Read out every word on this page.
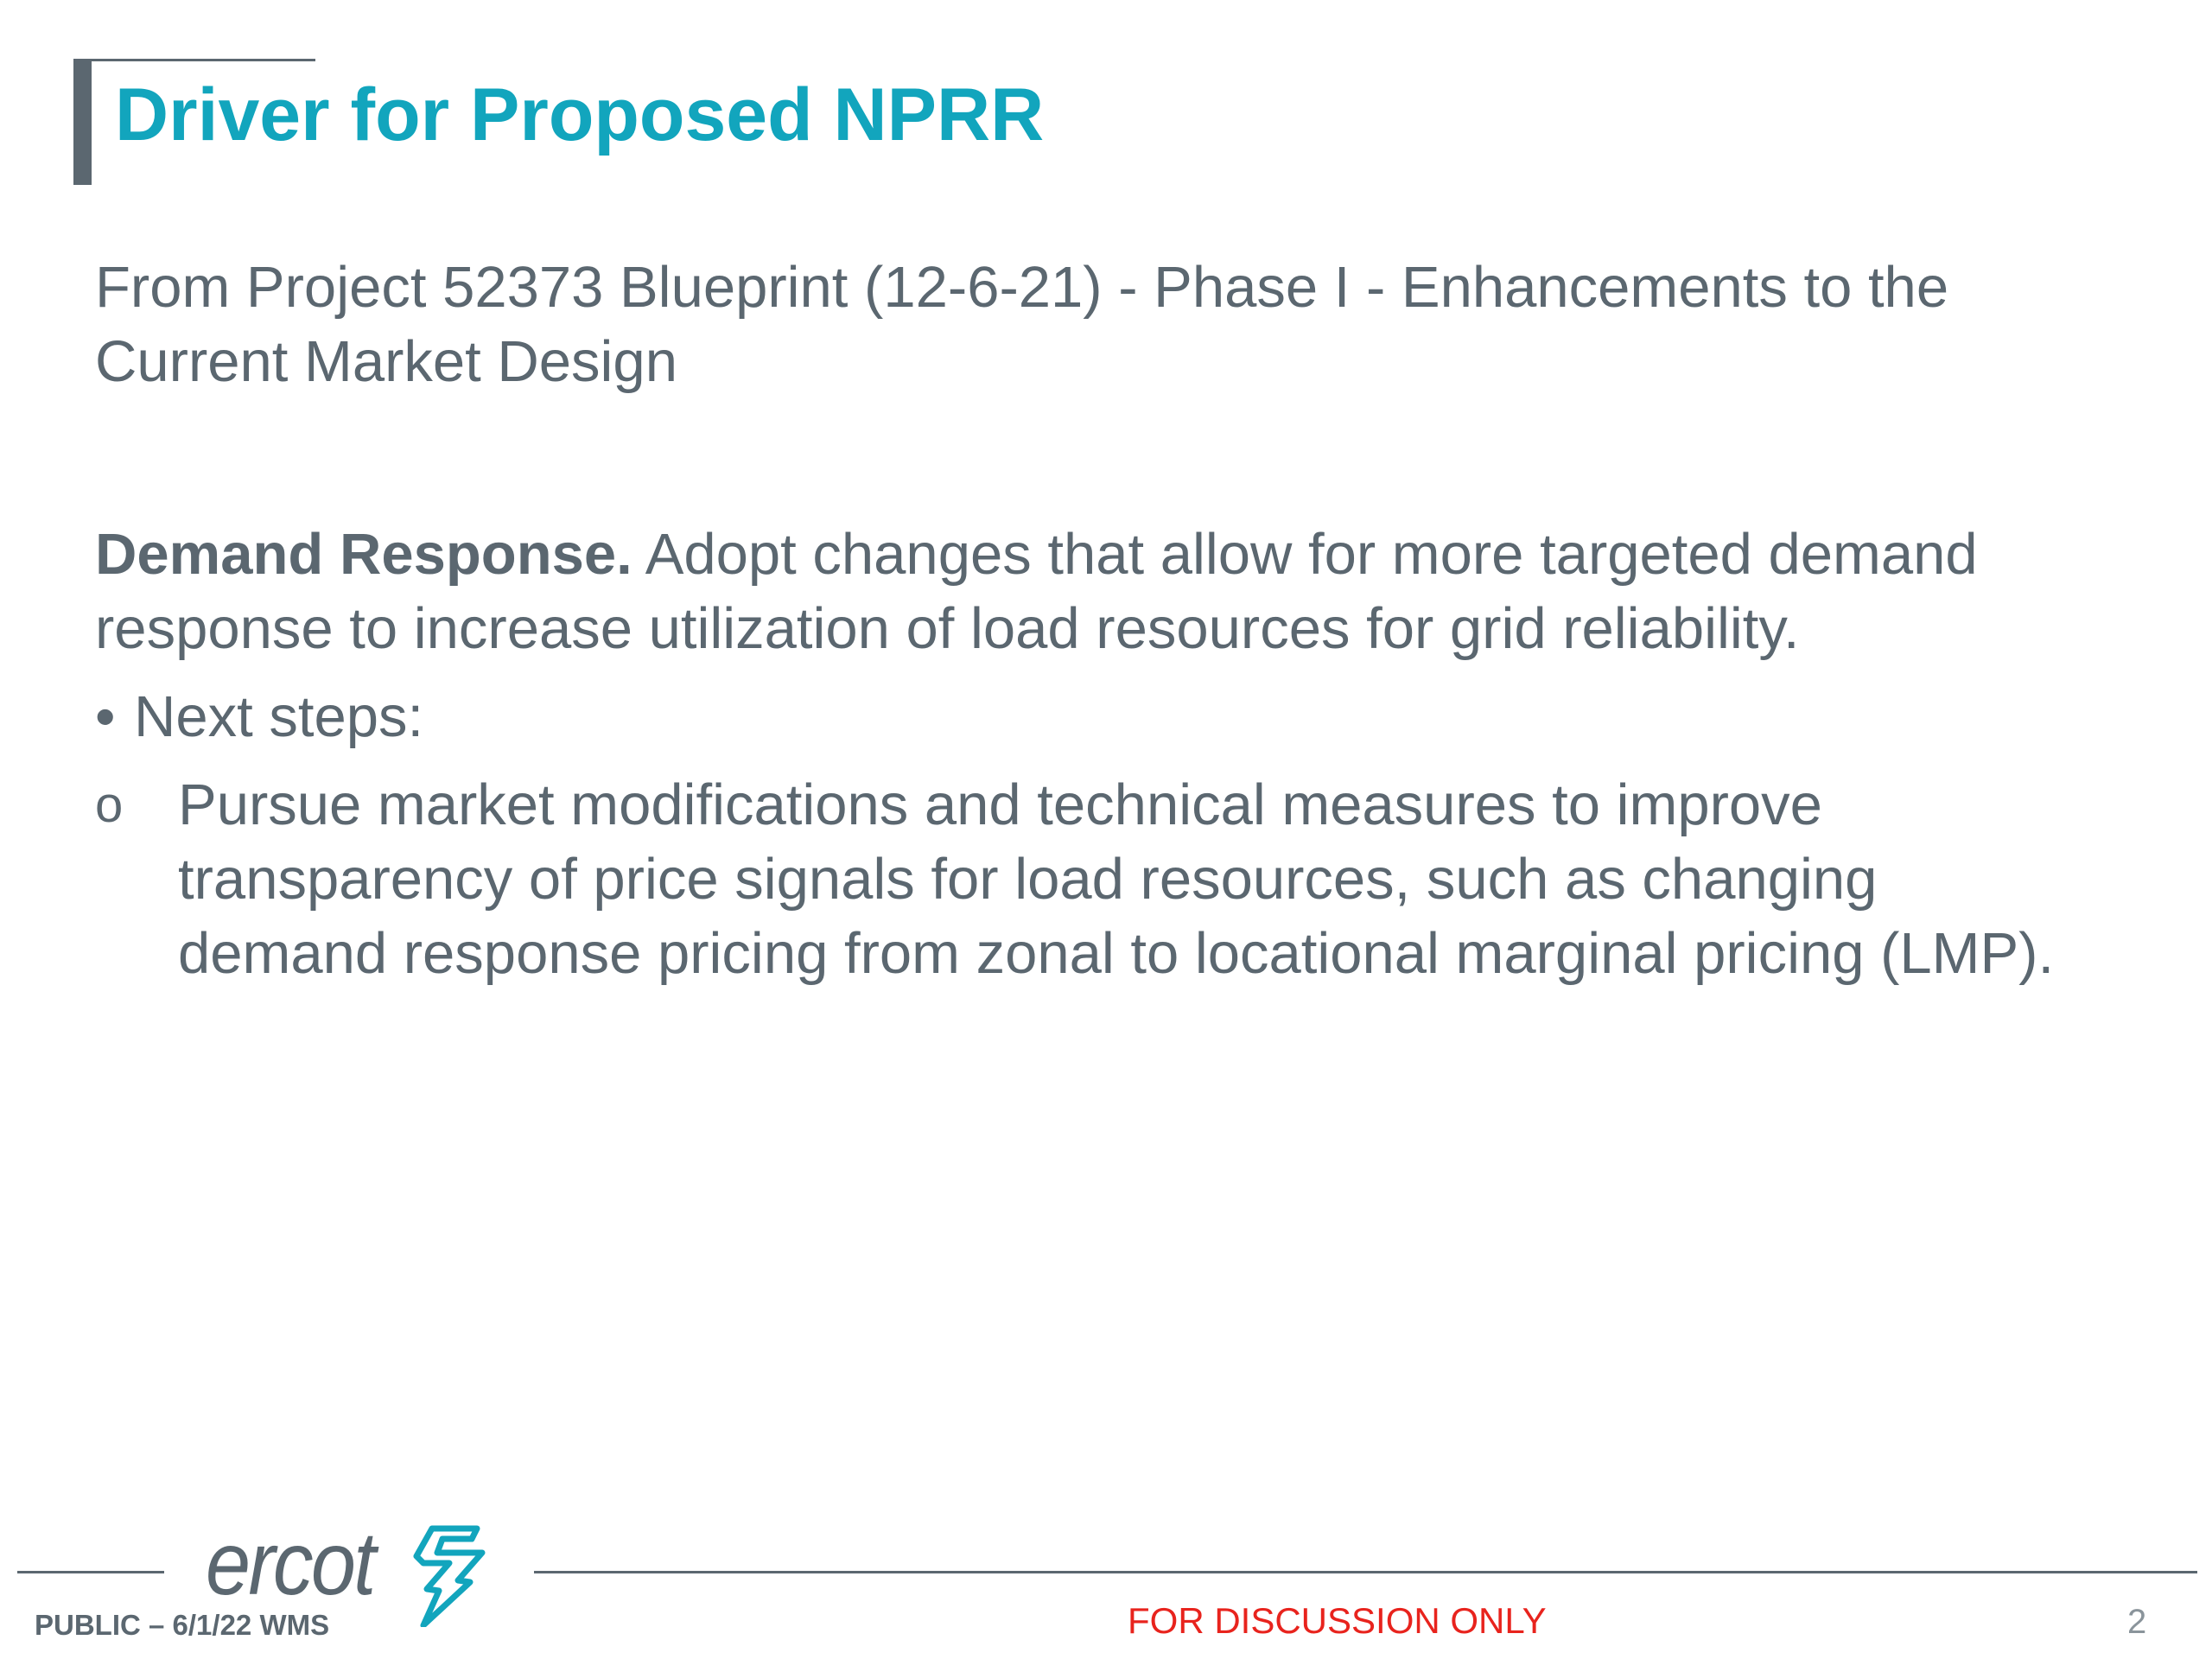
Driver for Proposed NPRR

From Project 52373 Blueprint (12-6-21) - Phase I - Enhancements to the Current Market Design

Demand Response. Adopt changes that allow for more targeted demand response to increase utilization of load resources for grid reliability.

• Next steps:
o Pursue market modifications and technical measures to improve transparency of price signals for load resources, such as changing demand response pricing from zonal to locational marginal pricing (LMP).
ercot
PUBLIC – 6/1/22 WMS	FOR DISCUSSION ONLY	2
